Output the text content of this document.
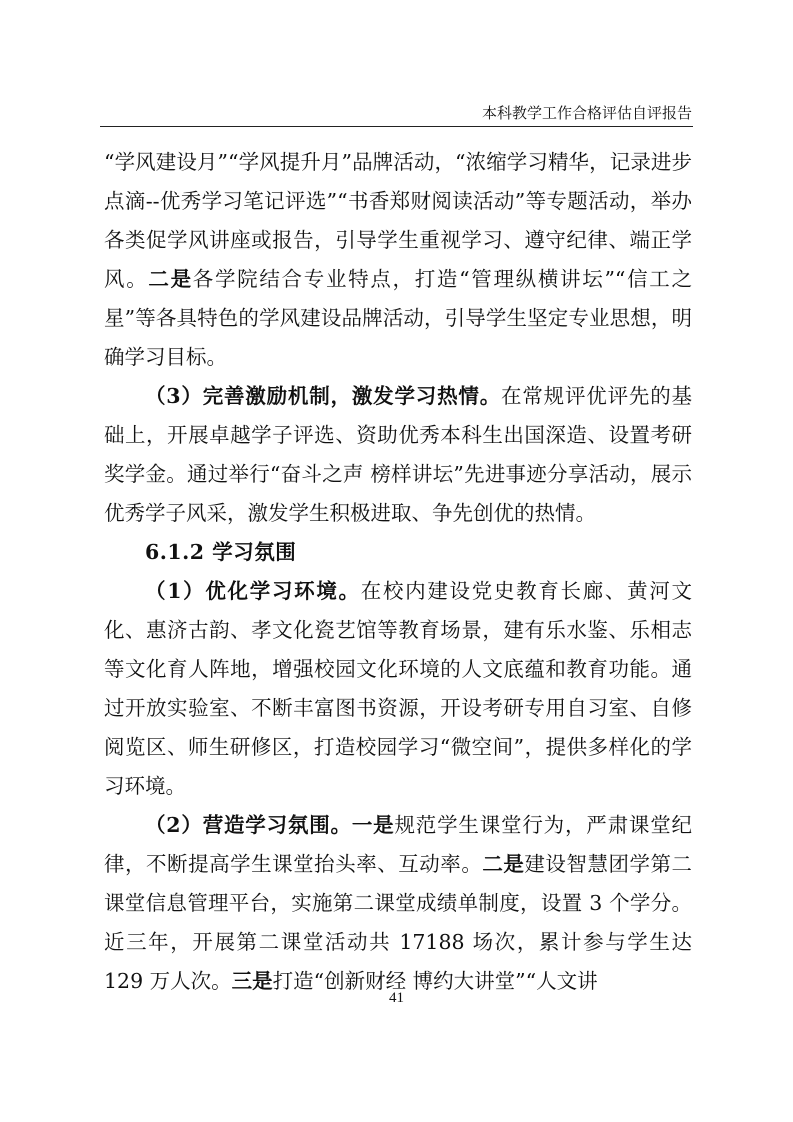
本科教学工作合格评估自评报告

“学风建设月”“学风提升月”品牌活动，“浓缩学习精华，记录进步点滴--优秀学习笔记评选”“书香郑财阅读活动”等专题活动，举办各类促学风讲座或报告，引导学生重视学习、遵守纪律、端正学风。二是各学院结合专业特点，打造“管理纵横讲坛”“信工之星”等各具特色的学风建设品牌活动，引导学生坚定专业思想，明确学习目标。

（3）完善激励机制，激发学习热情。在常规评优评先的基础上，开展卓越学子评选、资助优秀本科生出国深造、设置考研奖学金。通过举行“奋斗之声 榜样讲坛”先进事迹分享活动，展示优秀学子风采，激发学生积极进取、争先创优的热情。

6.1.2 学习氛围

（1）优化学习环境。在校内建设党史教育长廊、黄河文化、惠济古韵、孝文化瓷艺馆等教育场景，建有乐水鉴、乐相志等文化育人阵地，增强校园文化环境的人文底蕴和教育功能。通过开放实验室、不断丰富图书资源，开设考研专用自习室、自修阅览区、师生研修区，打造校园学习“微空间”，提供多样化的学习环境。

（2）营造学习氛围。一是规范学生课堂行为，严肃课堂纪律，不断提高学生课堂抬头率、互动率。二是建设智慧团学第二课堂信息管理平台，实施第二课堂成绩单制度，设置 3 个学分。近三年，开展第二课堂活动共 17188 场次，累计参与学生达 129 万人次。三是打造“创新财经 博约大讲堂”“人文讲

41
